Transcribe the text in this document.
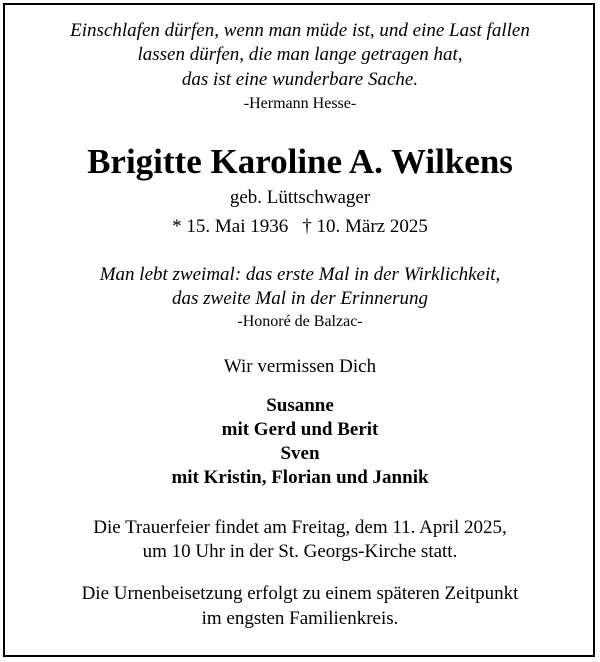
Einschlafen dürfen, wenn man müde ist, und eine Last fallen
lassen dürfen, die man lange getragen hat,
das ist eine wunderbare Sache.
-Hermann Hesse-
Brigitte Karoline A. Wilkens
geb. Lüttschwager
* 15. Mai 1936 † 10. März 2025
Man lebt zweimal: das erste Mal in der Wirklichkeit,
das zweite Mal in der Erinnerung
-Honoré de Balzac-
Wir vermissen Dich
Susanne
mit Gerd und Berit
Sven
mit Kristin, Florian und Jannik
Die Trauerfeier findet am Freitag, dem 11. April 2025,
um 10 Uhr in der St. Georgs-Kirche statt.
Die Urnenbeisetzung erfolgt zu einem späteren Zeitpunkt
im engsten Familienkreis.
